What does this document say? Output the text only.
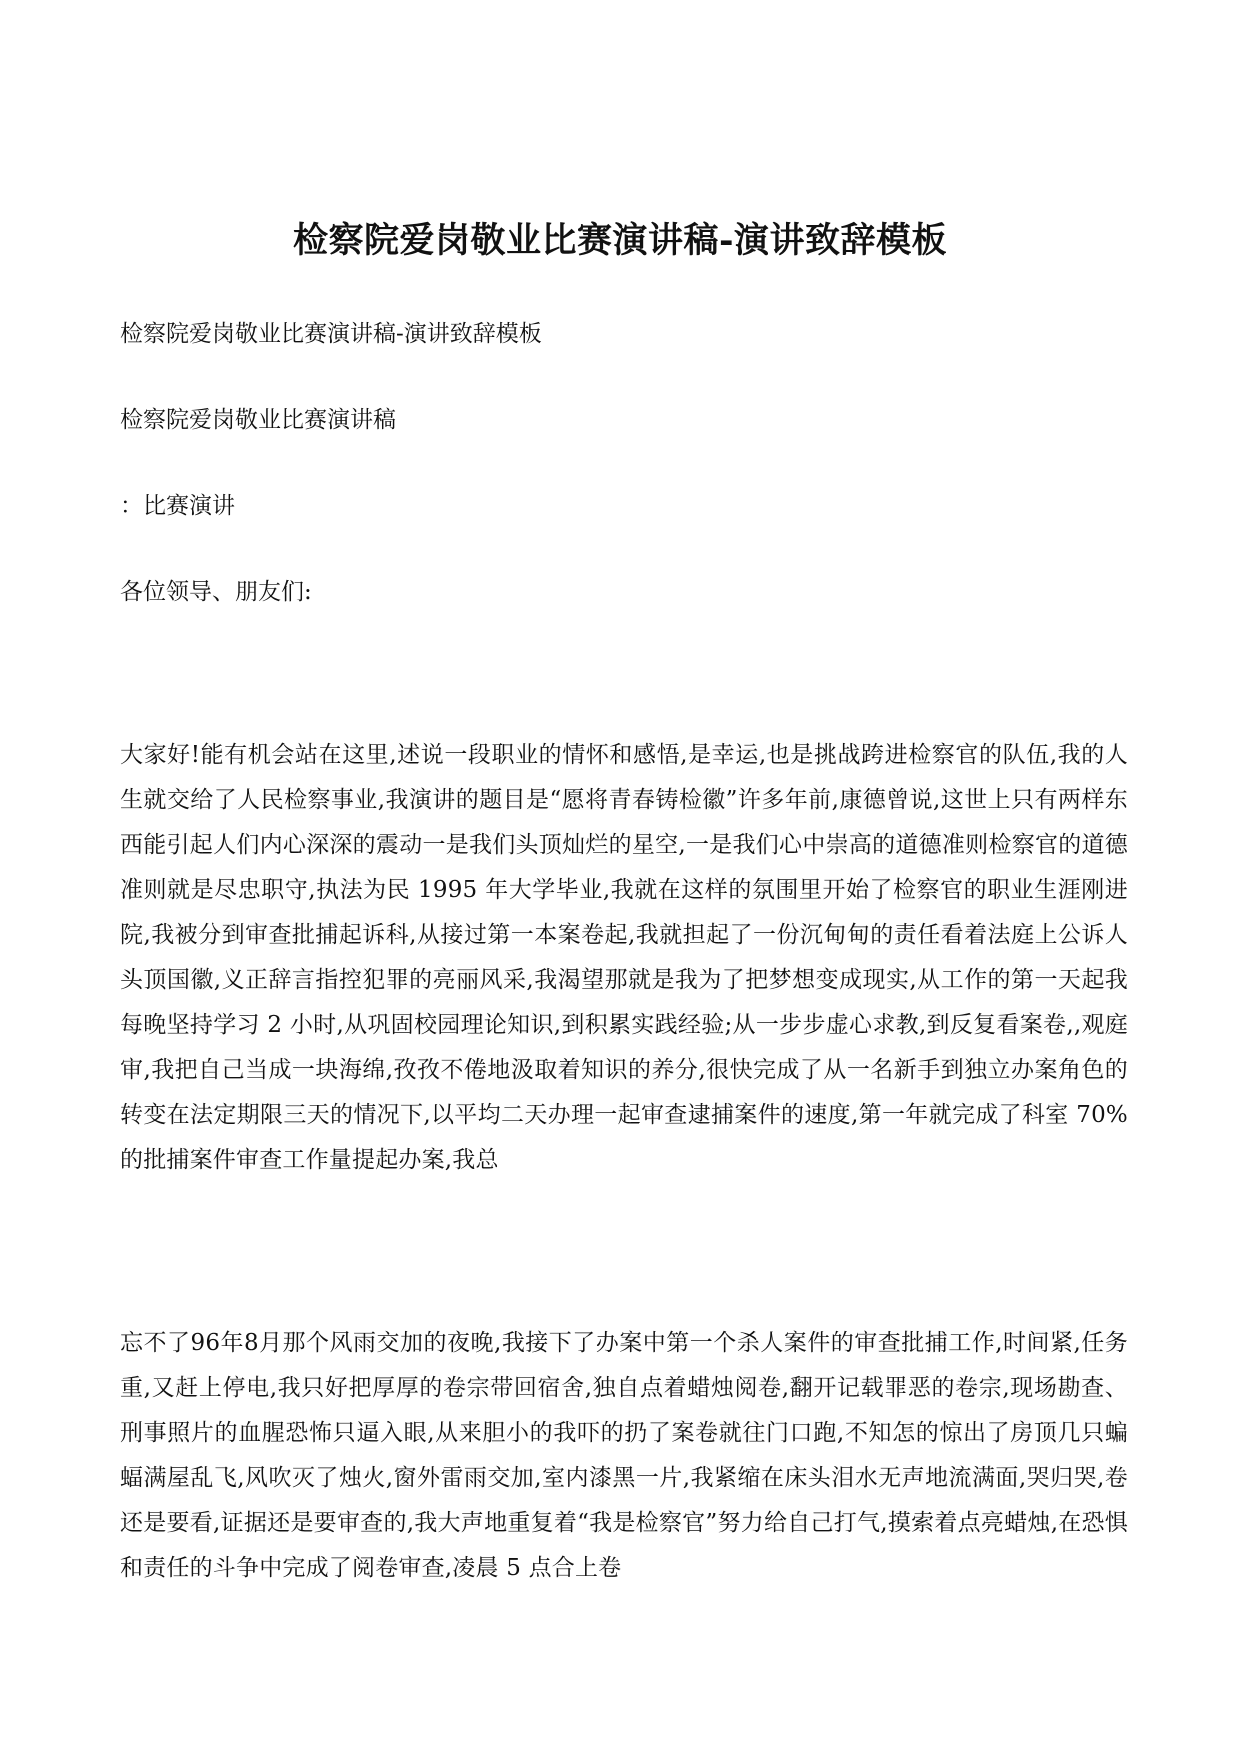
检察院爱岗敬业比赛演讲稿-演讲致辞模板

检察院爱岗敬业比赛演讲稿-演讲致辞模板

检察院爱岗敬业比赛演讲稿

：比赛演讲

各位领导、朋友们:

大家好!能有机会站在这里,述说一段职业的情怀和感悟,是幸运,也是挑战跨进检察官的队伍,我的人生就交给了人民检察事业,我演讲的题目是“愿将青春铸检徽”许多年前,康德曾说,这世上只有两样东西能引起人们内心深深的震动一是我们头顶灿烂的星空,一是我们心中崇高的道德准则检察官的道德准则就是尽忠职守,执法为民 1995 年大学毕业,我就在这样的氛围里开始了检察官的职业生涯刚进院,我被分到审查批捕起诉科,从接过第一本案卷起,我就担起了一份沉甸甸的责任看着法庭上公诉人头顶国徽,义正辞言指控犯罪的亮丽风采,我渴望那就是我为了把梦想变成现实,从工作的第一天起我每晚坚持学习 2 小时,从巩固校园理论知识,到积累实践经验;从一步步虚心求教,到反复看案卷,,观庭审,我把自己当成一块海绵,孜孜不倦地汲取着知识的养分,很快完成了从一名新手到独立办案角色的转变在法定期限三天的情况下,以平均二天办理一起审查逮捕案件的速度,第一年就完成了科室 70%的批捕案件审查工作量提起办案,我总

忘不了96年8月那个风雨交加的夜晚,我接下了办案中第一个杀人案件的审查批捕工作,时间紧,任务重,又赶上停电,我只好把厚厚的卷宗带回宿舍,独自点着蜡烛阅卷,翻开记载罪恶的卷宗,现场勘查、刑事照片的血腥恐怖只逼入眼,从来胆小的我吓的扔了案卷就往门口跑,不知怎的惊出了房顶几只蝙蝠满屋乱飞,风吹灭了烛火,窗外雷雨交加,室内漆黑一片,我紧缩在床头泪水无声地流满面,哭归哭,卷还是要看,证据还是要审查的,我大声地重复着“我是检察官”努力给自己打气,摸索着点亮蜡烛,在恐惧和责任的斗争中完成了阅卷审查,凌晨 5 点合上卷
